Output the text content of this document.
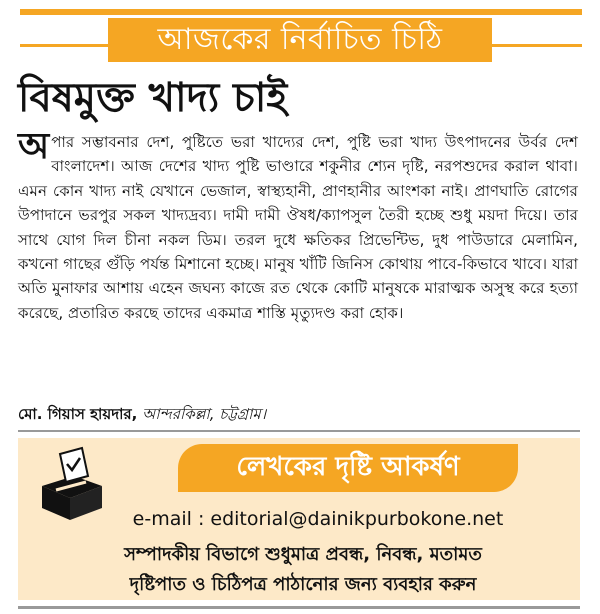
আজকের নির্বাচিত চিঠি
বিষমুক্ত খাদ্য চাই
অপার সম্ভাবনার দেশ, পুষ্টিতে ভরা খাদ্যের দেশ, পুষ্টি ভরা খাদ্য উৎপাদনের উর্বর দেশ বাংলাদেশ। আজ দেশের খাদ্য পুষ্টি ভাণ্ডারে শকুনীর শ্যেন দৃষ্টি, নরপশুদের করাল থাবা। এমন কোন খাদ্য নাই যেখানে ভেজাল, স্বাস্থ্যহানী, প্রাণহানীর আংশকা নাই। প্রাণঘাতি রোগের উপাদানে ভরপুর সকল খাদ্যদ্রব্য। দামী দামী ঔষধ/ক্যাপসুল তৈরী হচ্ছে শুধু ময়দা দিয়ে। তার সাথে যোগ দিল চীনা নকল ডিম। তরল দুধে ক্ষতিকর প্রিভেন্টিভ, দুধ পাউডারে মেলামিন, কখনো গাছের গুঁড়ি পর্যন্ত মিশানো হচ্ছে। মানুষ খাঁটি জিনিস কোথায় পাবে-কিভাবে খাবে। যারা অতি মুনাফার আশায় এহেন জঘন্য কাজে রত থেকে কোটি মানুষকে মারাত্মক অসুস্থ করে হত্যা করেছে, প্রতারিত করছে তাদের একমাত্র শাস্তি মৃত্যুদণ্ড করা হোক।
মো. গিয়াস হায়দার, আন্দরকিল্লা, চট্টগ্রাম।
লেখকের দৃষ্টি আকর্ষণ
e-mail : editorial@dainikpurbokone.net
সম্পাদকীয় বিভাগে শুধুমাত্র প্রবন্ধ, নিবন্ধ, মতামত
দৃষ্টিপাত ও চিঠিপত্র পাঠানোর জন্য ব্যবহার করুন
